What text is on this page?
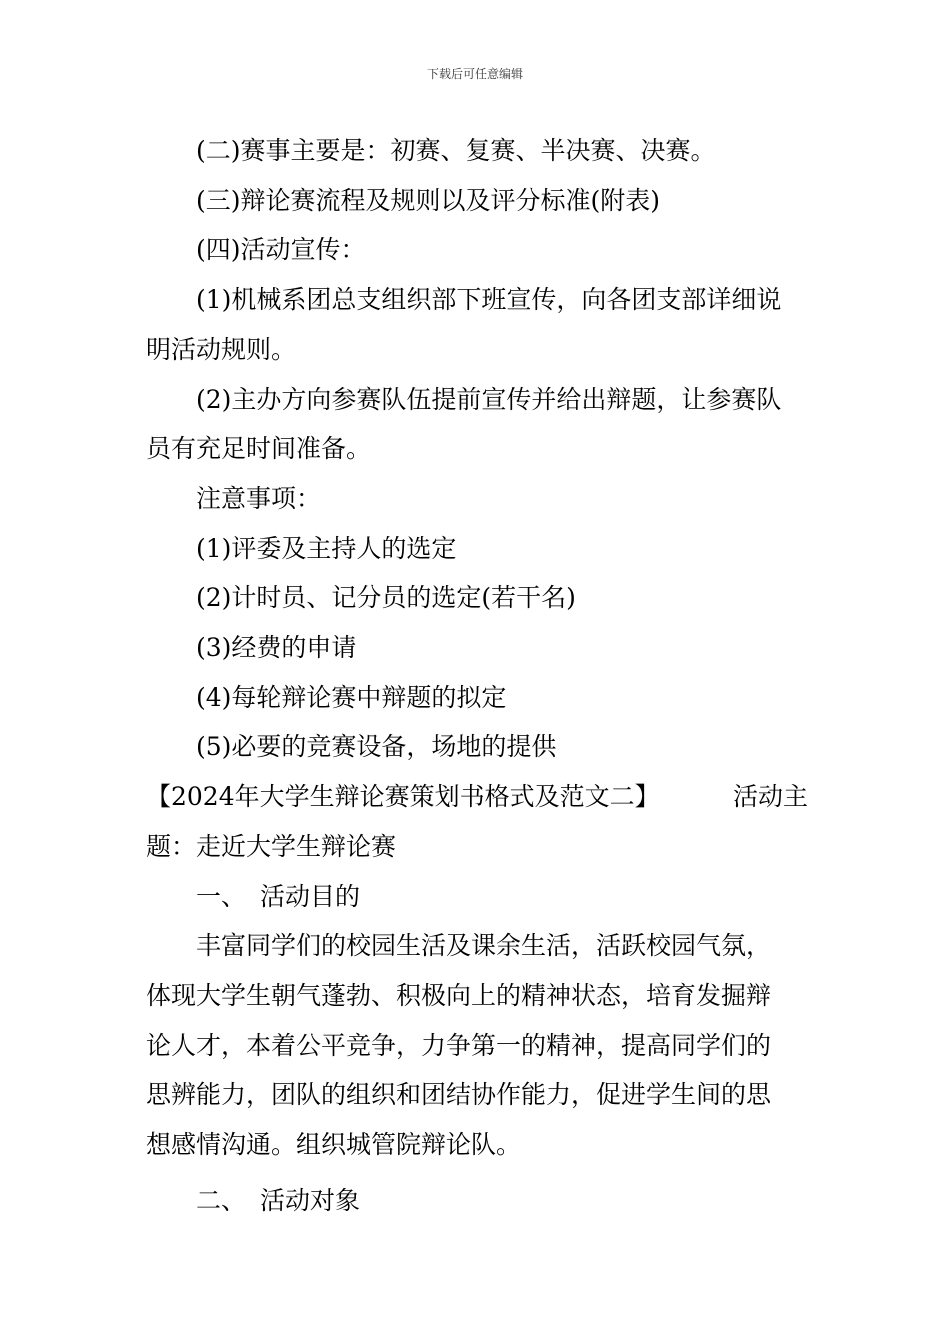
下载后可任意编辑

(二)赛事主要是：初赛、复赛、半决赛、决赛。

(三)辩论赛流程及规则以及评分标准(附表)

(四)活动宣传：

(1)机械系团总支组织部下班宣传，向各团支部详细说

明活动规则。

(2)主办方向参赛队伍提前宣传并给出辩题，让参赛队

员有充足时间准备。

注意事项：

(1)评委及主持人的选定

(2)计时员、记分员的选定(若干名)

(3)经费的申请

(4)每轮辩论赛中辩题的拟定

(5)必要的竞赛设备，场地的提供

【2024年大学生辩论赛策划书格式及范文二】	活动主

题：走近大学生辩论赛

一、 活动目的

丰富同学们的校园生活及课余生活，活跃校园气氛，

体现大学生朝气蓬勃、积极向上的精神状态，培育发掘辩

论人才，本着公平竞争，力争第一的精神，提高同学们的

思辨能力，团队的组织和团结协作能力，促进学生间的思

想感情沟通。组织城管院辩论队。

二、 活动对象
